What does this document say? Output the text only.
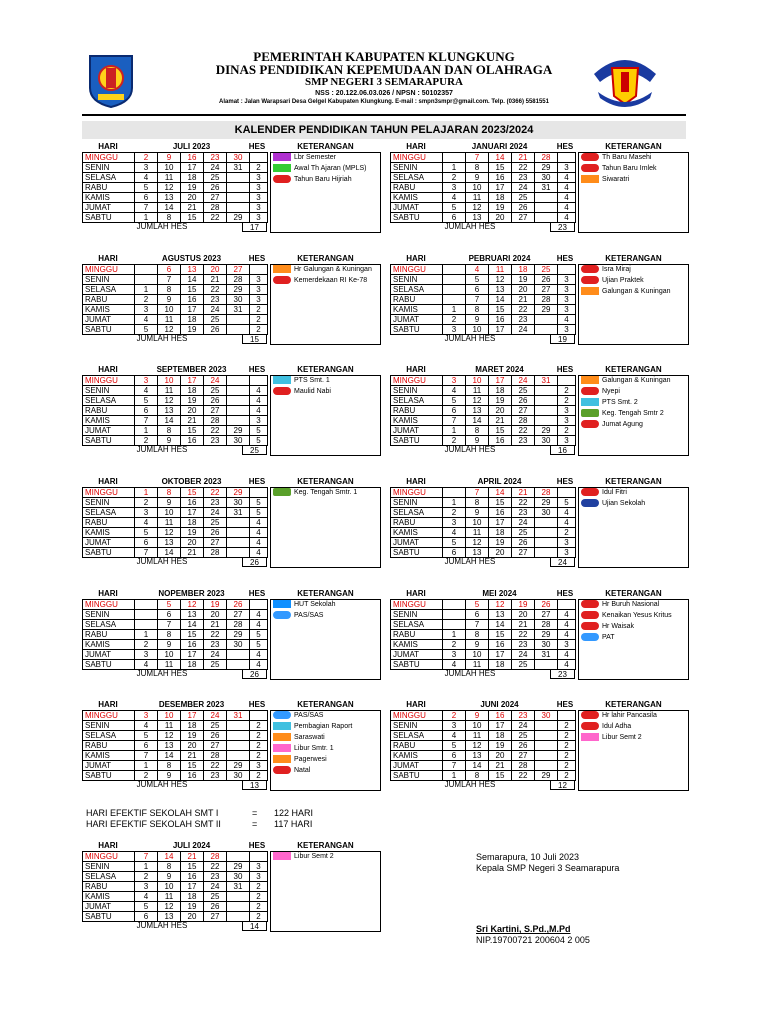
PEMERINTAH KABUPATEN KLUNGKUNG
DINAS PENDIDIKAN KEPEMUDAAN DAN OLAHRAGA
SMP NEGERI 3 SEMARAPURA
NSS : 20.122.06.03.026 / NPSN : 50102357
Alamat : Jalan Warapsari Desa Gelgel Kabupaten Klungkung. E-mail : smpn3smpr@gmail.com. Telp. (0366) 5581551
KALENDER PENDIDIKAN TAHUN PELAJARAN 2023/2024
HARI	JULI 2023	HES	KETERANGAN
MINGGU	2	9	16	23	30	
SENIN	3	10	17	24	31	2
SELASA	4	11	18	25		3
RABU	5	12	19	26		3
KAMIS	6	13	20	27		3
JUMAT	7	14	21	28		3
SABTU	1	8	15	22	29	3
JUMLAH HES	17
Lbr Semester
Awal Th Ajaran (MPLS)
Tahun Baru Hijriah
HARI	JANUARI 2024	HES	KETERANGAN
MINGGU		7	14	21	28	
SENIN	1	8	15	22	29	3
SELASA	2	9	16	23	30	4
RABU	3	10	17	24	31	4
KAMIS	4	11	18	25		4
JUMAT	5	12	19	26		4
SABTU	6	13	20	27		4
JUMLAH HES	23
Th Baru Masehi
Tahun Baru Imlek
Siwaratri
HARI	AGUSTUS 2023	HES	KETERANGAN
MINGGU		6	13	20	27	
SENIN		7	14	21	28	3
SELASA	1	8	15	22	29	3
RABU	2	9	16	23	30	3
KAMIS	3	10	17	24	31	2
JUMAT	4	11	18	25		2
SABTU	5	12	19	26		2
JUMLAH HES	15
Hr Galungan & Kuningan
Kemerdekaan RI Ke-78
HARI	PEBRUARI 2024	HES	KETERANGAN
MINGGU		4	11	18	25	
SENIN		5	12	19	26	3
SELASA		6	13	20	27	3
RABU		7	14	21	28	3
KAMIS	1	8	15	22	29	3
JUMAT	2	9	16	23		4
SABTU	3	10	17	24		3
JUMLAH HES	19
Isra Miraj
Ujian Praktek
Galungan & Kuningan
HARI	SEPTEMBER 2023	HES	KETERANGAN
MINGGU	3	10	17	24		
SENIN	4	11	18	25		4
SELASA	5	12	19	26		4
RABU	6	13	20	27		4
KAMIS	7	14	21	28		3
JUMAT	1	8	15	22	29	5
SABTU	2	9	16	23	30	5
JUMLAH HES	25
PTS Smt. 1
Maulid Nabi
HARI	MARET 2024	HES	KETERANGAN
MINGGU	3	10	17	24	31	
SENIN	4	11	18	25		2
SELASA	5	12	19	26		2
RABU	6	13	20	27		3
KAMIS	7	14	21	28		3
JUMAT	1	8	15	22	29	2
SABTU	2	9	16	23	30	3
JUMLAH HES	16
Galungan & Kuningan
Nyepi
PTS Smt. 2
Keg. Tengah Smtr 2
Jumat Agung
HARI	OKTOBER 2023	HES	KETERANGAN
MINGGU	1	8	15	22	29	
SENIN	2	9	16	23	30	5
SELASA	3	10	17	24	31	5
RABU	4	11	18	25		4
KAMIS	5	12	19	26		4
JUMAT	6	13	20	27		4
SABTU	7	14	21	28		4
JUMLAH HES	26
Keg. Tengah Smtr. 1
HARI	APRIL 2024	HES	KETERANGAN
MINGGU		7	14	21	28	
SENIN	1	8	15	22	29	5
SELASA	2	9	16	23	30	4
RABU	3	10	17	24		4
KAMIS	4	11	18	25		2
JUMAT	5	12	19	26		3
SABTU	6	13	20	27		3
JUMLAH HES	24
Idul Fitri
Ujian Sekolah
HARI	NOPEMBER 2023	HES	KETERANGAN
MINGGU		5	12	19	26	
SENIN		6	13	20	27	4
SELASA		7	14	21	28	4
RABU	1	8	15	22	29	5
KAMIS	2	9	16	23	30	5
JUMAT	3	10	17	24		4
SABTU	4	11	18	25		4
JUMLAH HES	26
HUT Sekolah
PAS/SAS
HARI	MEI 2024	HES	KETERANGAN
MINGGU		5	12	19	26	
SENIN		6	13	20	27	4
SELASA		7	14	21	28	4
RABU	1	8	15	22	29	4
KAMIS	2	9	16	23	30	3
JUMAT	3	10	17	24	31	4
SABTU	4	11	18	25		4
JUMLAH HES	23
Hr Buruh Nasional
Kenaikan Yesus Kritus
Hr Waisak
PAT
HARI	DESEMBER 2023	HES	KETERANGAN
MINGGU	3	10	17	24	31	
SENIN	4	11	18	25		2
SELASA	5	12	19	26		2
RABU	6	13	20	27		2
KAMIS	7	14	21	28		2
JUMAT	1	8	15	22	29	3
SABTU	2	9	16	23	30	2
JUMLAH HES	13
PAS/SAS
Pembagian Raport
Saraswati
Libur Smtr. 1
Pagerwesi
Natal
HARI	JUNI 2024	HES	KETERANGAN
MINGGU	2	9	16	23	30	
SENIN	3	10	17	24		2
SELASA	4	11	18	25		2
RABU	5	12	19	26		2
KAMIS	6	13	20	27		2
JUMAT	7	14	21	28		2
SABTU	1	8	15	22	29	2
JUMLAH HES	12
Hr lahir Pancasila
Idul Adha
Libur Semt 2
HARI	JULI 2024	HES	KETERANGAN
MINGGU	7	14	21	28		
SENIN	1	8	15	22	29	3
SELASA	2	9	16	23	30	3
RABU	3	10	17	24	31	2
KAMIS	4	11	18	25		2
JUMAT	5	12	19	26		2
SABTU	6	13	20	27		2
JUMLAH HES	14
Libur Semt 2
HARI EFEKTIF SEKOLAH SMT I	= 122 HARI
HARI EFEKTIF SEKOLAH SMT II	= 117 HARI
Semarapura, 10 Juli 2023
Kepala SMP Negeri 3 Seamarapura
Sri Kartini, S.Pd.,M.Pd
NIP.19700721 200604 2 005
